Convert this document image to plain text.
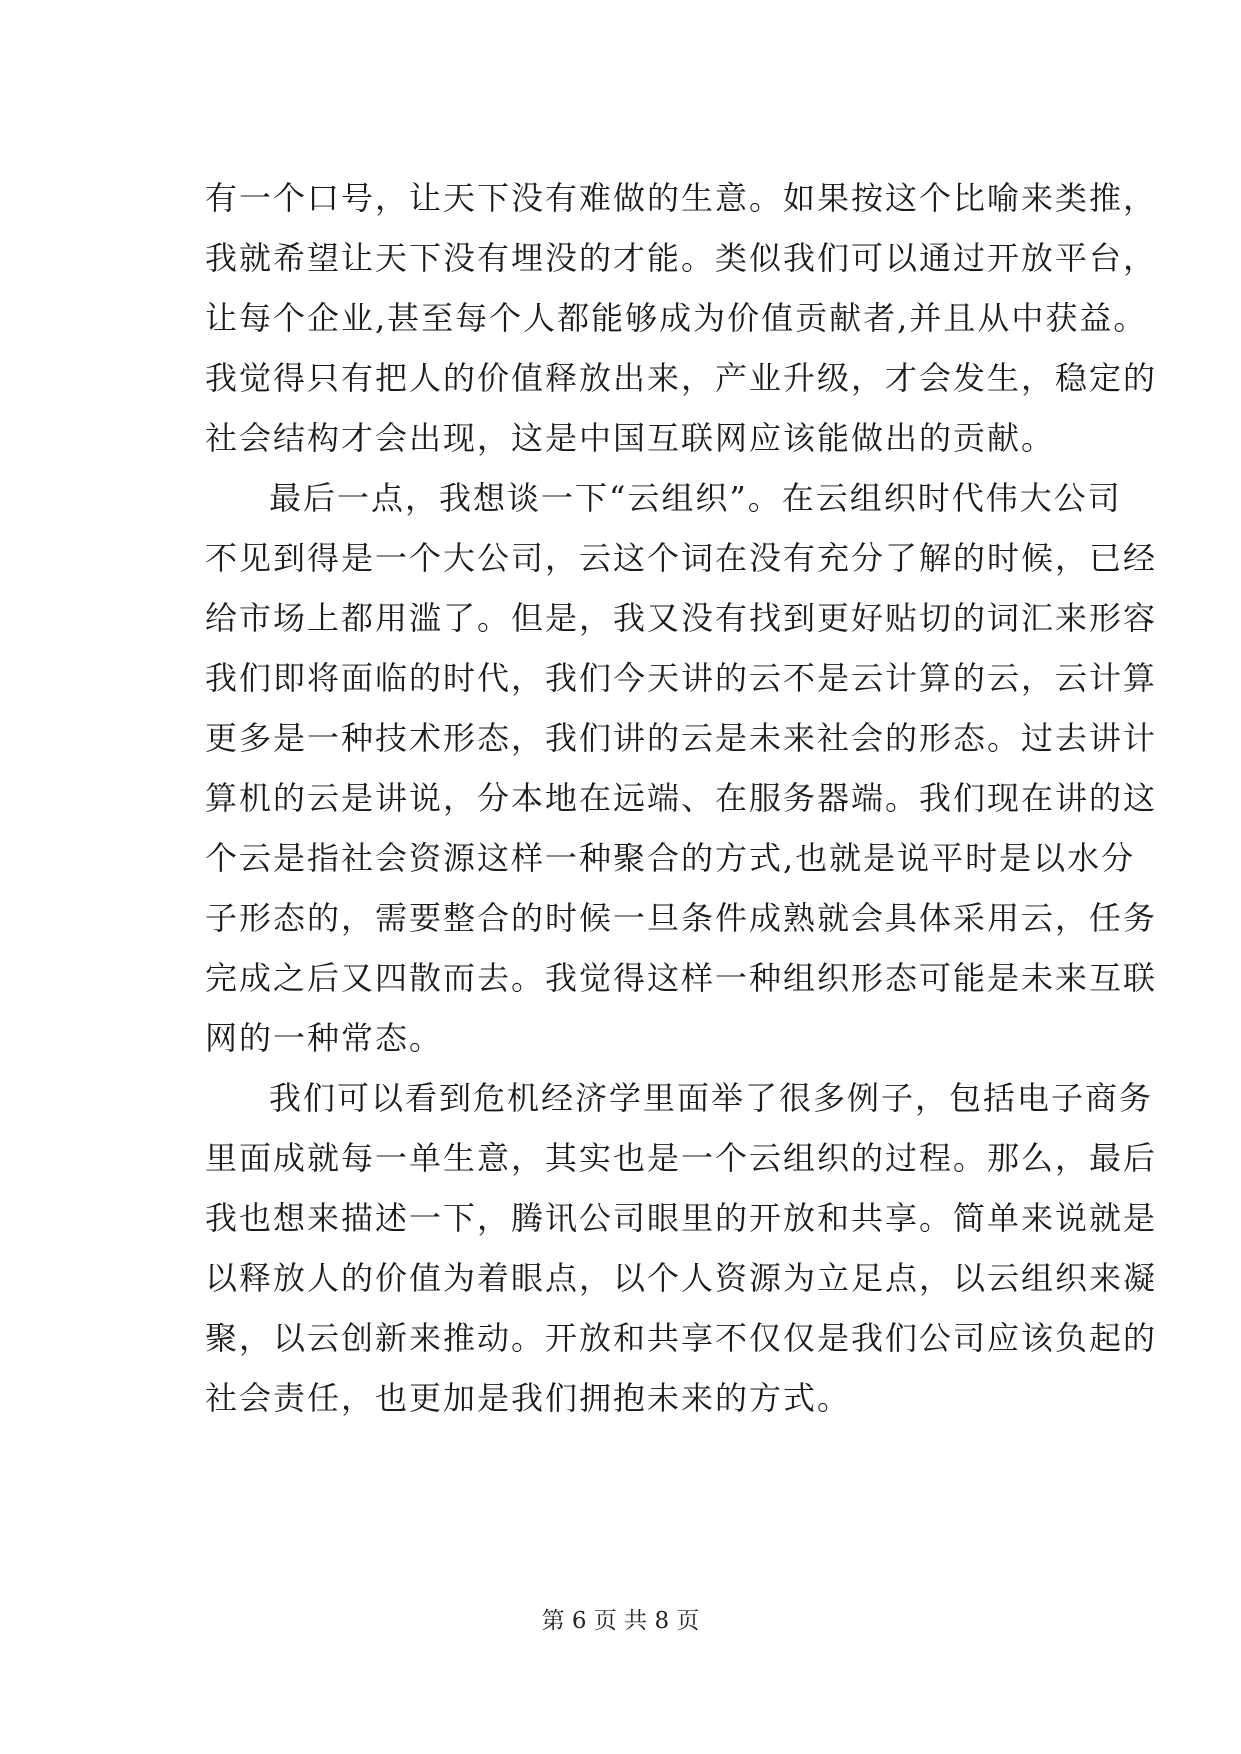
有一个口号，让天下没有难做的生意。如果按这个比喻来类推，
我就希望让天下没有埋没的才能。类似我们可以通过开放平台，
让每个企业,甚至每个人都能够成为价值贡献者,并且从中获益。
我觉得只有把人的价值释放出来，产业升级，才会发生，稳定的
社会结构才会出现，这是中国互联网应该能做出的贡献。
最后一点，我想谈一下“云组织”。在云组织时代伟大公司
不见到得是一个大公司，云这个词在没有充分了解的时候，已经
给市场上都用滥了。但是，我又没有找到更好贴切的词汇来形容
我们即将面临的时代，我们今天讲的云不是云计算的云，云计算
更多是一种技术形态，我们讲的云是未来社会的形态。过去讲计
算机的云是讲说，分本地在远端、在服务器端。我们现在讲的这
个云是指社会资源这样一种聚合的方式,也就是说平时是以水分
子形态的，需要整合的时候一旦条件成熟就会具体采用云，任务
完成之后又四散而去。我觉得这样一种组织形态可能是未来互联
网的一种常态。
我们可以看到危机经济学里面举了很多例子，包括电子商务
里面成就每一单生意，其实也是一个云组织的过程。那么，最后
我也想来描述一下，腾讯公司眼里的开放和共享。简单来说就是
以释放人的价值为着眼点，以个人资源为立足点，以云组织来凝
聚，以云创新来推动。开放和共享不仅仅是我们公司应该负起的
社会责任，也更加是我们拥抱未来的方式。
第 6 页 共 8 页
